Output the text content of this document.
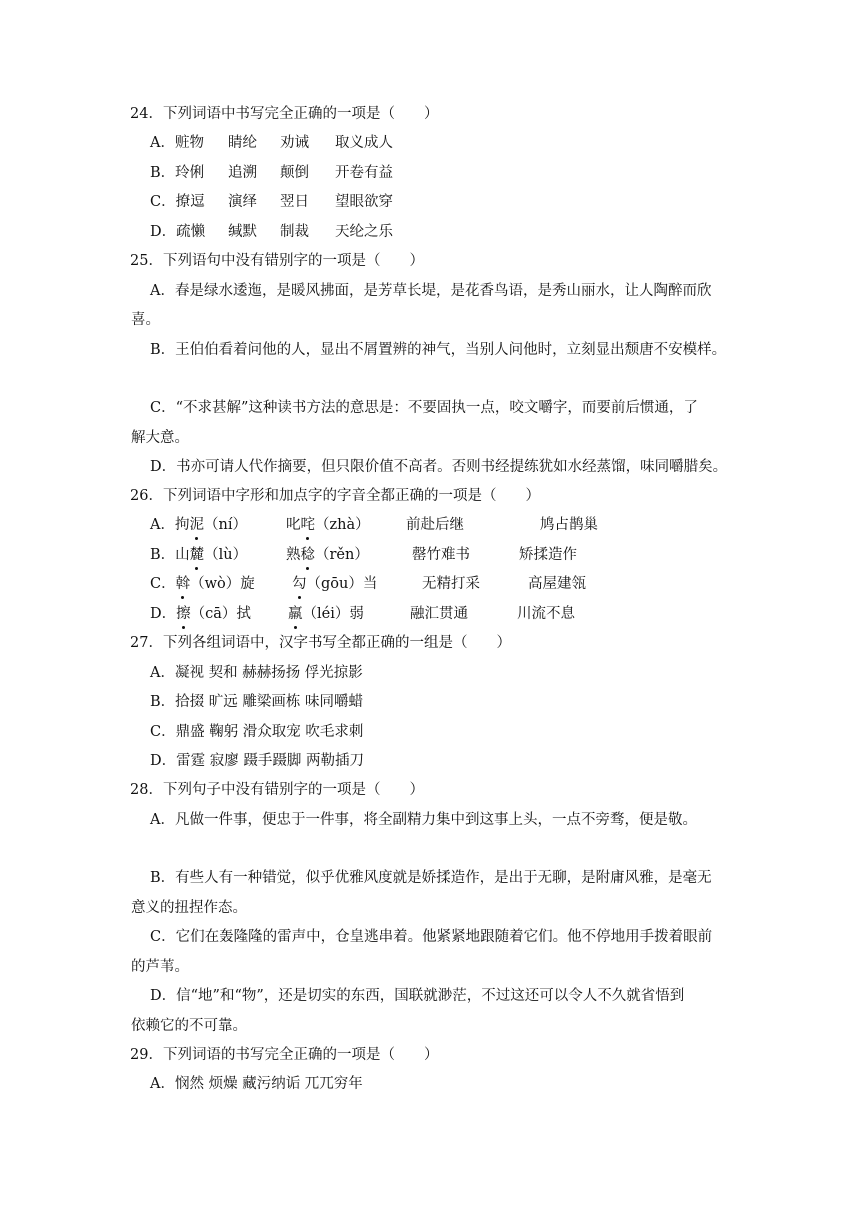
24．下列词语中书写完全正确的一项是（　　）
A．赃物 睛纶 劝诫 取义成人
B．玲俐 追溯 颠倒 开卷有益
C．撩逗 演绎 翌日 望眼欲穿
D．疏懒 缄默 制裁 天纶之乐
25．下列语句中没有错别字的一项是（　　）
A．春是绿水逶迤，是暖风拂面，是芳草长堤，是花香鸟语，是秀山丽水，让人陶醉而欣
喜。
B．王伯伯看着问他的人，显出不屑置辨的神气，当别人问他时，立刻显出颓唐不安模样。
C．“不求甚解”这种读书方法的意思是：不要固执一点，咬文嚼字，而要前后惯通，了
解大意。
D．书亦可请人代作摘要，但只限价值不高者。否则书经提练犹如水经蒸馏，味同嚼腊矣。
26．下列词语中字形和加点字的字音全都正确的一项是（　　）
A．拘泥（ní）	叱咤（zhà）	前赴后继	鸠占鹊巢
B．山麓（lù）	熟稔（rěn）	罄竹难书	矫揉造作
C．斡（wò）旋	勾（gōu）当	无精打采	高屋建瓴
D．擦（cā）拭	羸（léi）弱	融汇贯通	川流不息
27．下列各组词语中，汉字书写全都正确的一组是（　　）
A．凝视 契和 赫赫扬扬 俘光掠影
B．拾掇 旷远 雕梁画栋 味同嚼蜡
C．鼎盛 鞠躬 滑众取宠 吹毛求刺
D．雷霆 寂廖 蹑手蹑脚 两勒插刀
28．下列句子中没有错别字的一项是（　　）
A．凡做一件事，便忠于一件事，将全副精力集中到这事上头，一点不旁骛，便是敬。
B．有些人有一种错觉，似乎优雅风度就是娇揉造作，是出于无聊，是附庸风雅，是毫无
意义的扭捏作态。
C．它们在轰隆隆的雷声中，仓皇逃串着。他紧紧地跟随着它们。他不停地用手拨着眼前
的芦苇。
D．信“地”和“物”，还是切实的东西，国联就渺茫，不过这还可以令人不久就省悟到
依赖它的不可靠。
29．下列词语的书写完全正确的一项是（　　）
A．悯然 烦燥 藏污纳诟 兀兀穷年
